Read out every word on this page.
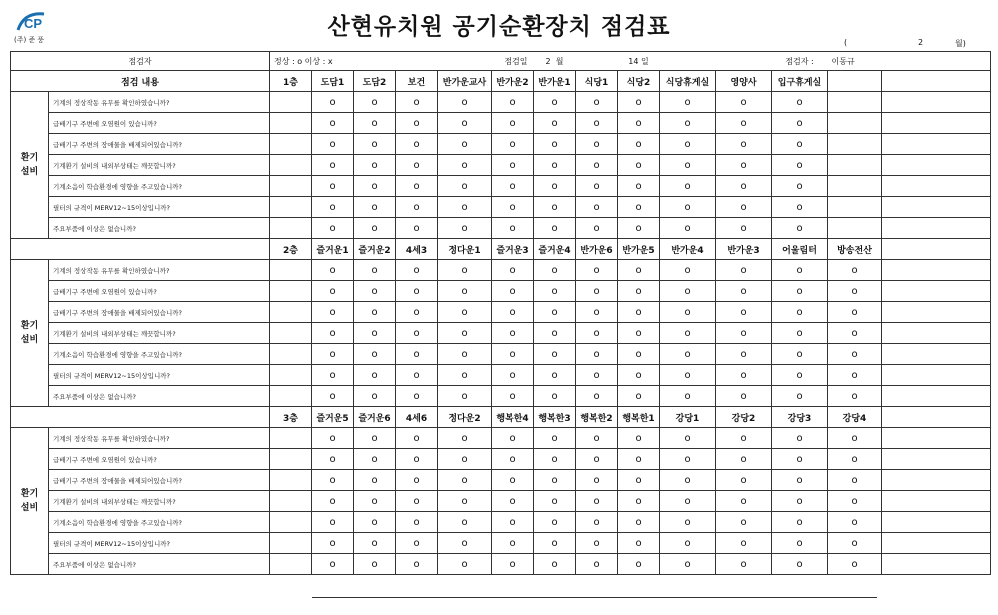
CP
(주) 준 풍	산현유치원 공기순환장치 점검표
(	2	월)
점검자		정상 : o 이상 : x				점검일		2 월		14 일			점검자 :	이동규	
점검 내용		1층	도담1	도담2	보건	반가운교사	반가운2	반가운1	식당1	식당2	식당휴게실	영양사	입구휴게실		
환기
설비	기계의 정상작동 유무를 확인하였습니까?		o	o	o	o	o	o	o	o	o	o	o		
	급배기구 주변에 오염원이 있습니까?		o	o	o	o	o	o	o	o	o	o	o		
	급배기구 주변의 장애물을 배제되어있습니까?		o	o	o	o	o	o	o	o	o	o	o		
	기계환기 설비의 내외부상태는 깨끗합니까?		o	o	o	o	o	o	o	o	o	o	o		
	기계소음이 학습환경에 영향을 주고있습니까?		o	o	o	o	o	o	o	o	o	o	o		
	필터의 규격이 MERV12~15이상입니까?		o	o	o	o	o	o	o	o	o	o	o		
	주요부품에 이상은 없습니까?		o	o	o	o	o	o	o	o	o	o	o		
		2층	즐거운1	즐거운2	4세3	정다운1	즐거운3	즐거운4	반가운6	반가운5	반가운4	반가운3	어울림터	방송전산	
환기
설비	기계의 정상작동 유무를 확인하였습니까?		o	o	o	o	o	o	o	o	o	o	o	o	
	급배기구 주변에 오염원이 있습니까?		o	o	o	o	o	o	o	o	o	o	o	o	
	급배기구 주변의 장애물을 배제되어있습니까?		o	o	o	o	o	o	o	o	o	o	o	o	
	기계환기 설비의 내외부상태는 깨끗합니까?		o	o	o	o	o	o	o	o	o	o	o	o	
	기계소음이 학습환경에 영향을 주고있습니까?		o	o	o	o	o	o	o	o	o	o	o	o	
	필터의 규격이 MERV12~15이상입니까?		o	o	o	o	o	o	o	o	o	o	o	o	
	주요부품에 이상은 없습니까?		o	o	o	o	o	o	o	o	o	o	o	o	
		3층	즐거운5	즐거운6	4세6	정다운2	행복한4	행복한3	행복한2	행복한1	강당1	강당2	강당3	강당4	
환기
설비	기계의 정상작동 유무를 확인하였습니까?		o	o	o	o	o	o	o	o	o	o	o	o	
	급배기구 주변에 오염원이 있습니까?		o	o	o	o	o	o	o	o	o	o	o	o	
	급배기구 주변의 장애물을 배제되어있습니까?		o	o	o	o	o	o	o	o	o	o	o	o	
	기계환기 설비의 내외부상태는 깨끗합니까?		o	o	o	o	o	o	o	o	o	o	o	o	
	기계소음이 학습환경에 영향을 주고있습니까?		o	o	o	o	o	o	o	o	o	o	o	o	
	필터의 규격이 MERV12~15이상입니까?		o	o	o	o	o	o	o	o	o	o	o	o	
	주요부품에 이상은 없습니까?		o	o	o	o	o	o	o	o	o	o	o	o	
